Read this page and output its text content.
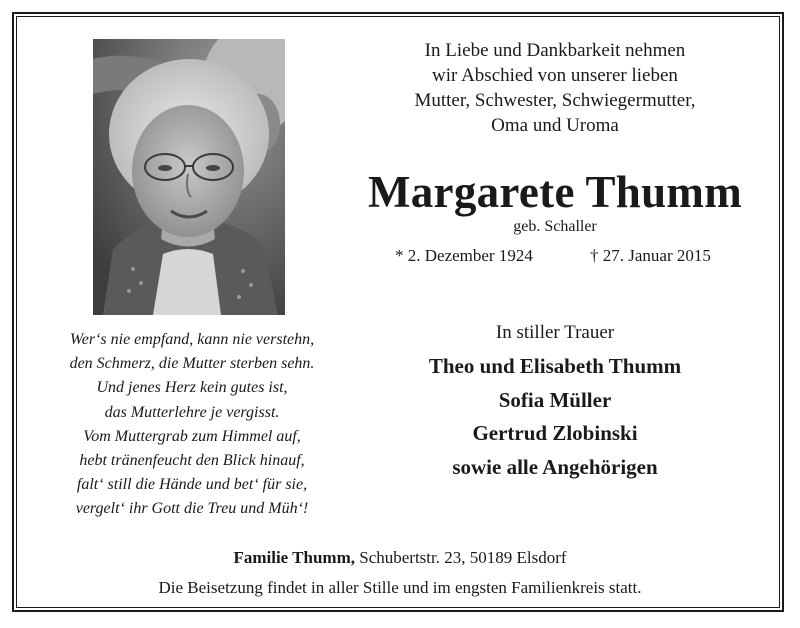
In Liebe und Dankbarkeit nehmen
wir Abschied von unserer lieben
Mutter, Schwester, Schwiegermutter,
Oma und Uroma
Margarete Thumm
geb. Schaller
* 2. Dezember 1924	† 27. Januar 2015
Wer‘s nie empfand, kann nie verstehn,
den Schmerz, die Mutter sterben sehn.
Und jenes Herz kein gutes ist,
das Mutterlehre je vergisst.
Vom Muttergrab zum Himmel auf,
hebt tränenfeucht den Blick hinauf,
falt‘ still die Hände und bet‘ für sie,
vergelt‘ ihr Gott die Treu und Müh‘!
In stiller Trauer
Theo und Elisabeth Thumm
Sofia Müller
Gertrud Zlobinski
sowie alle Angehörigen
Familie Thumm, Schubertstr. 23, 50189 Elsdorf
Die Beisetzung findet in aller Stille und im engsten Familienkreis statt.
